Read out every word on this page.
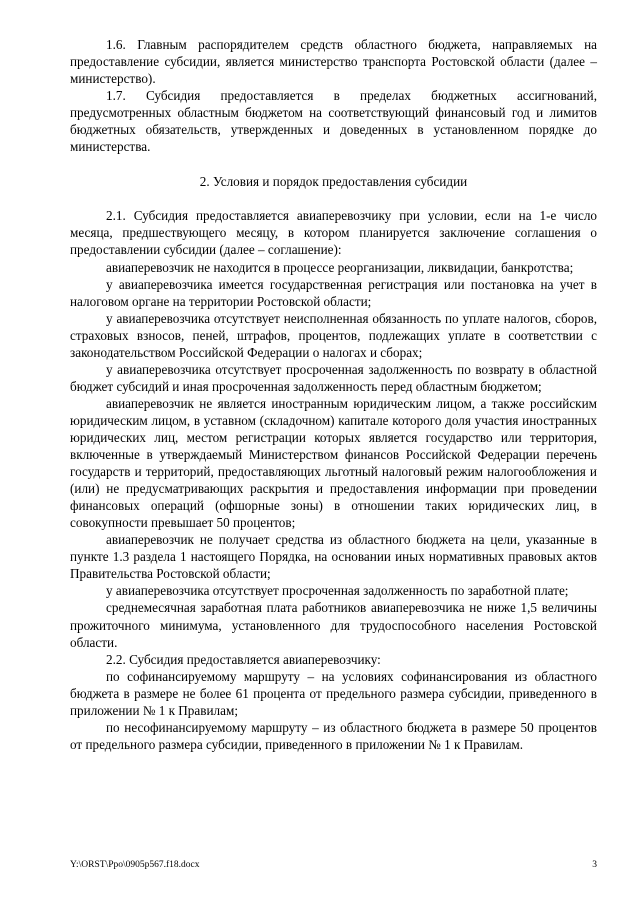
1.6. Главным распорядителем средств областного бюджета, направляемых на предоставление субсидии, является министерство транспорта Ростовской области (далее – министерство).

1.7. Субсидия предоставляется в пределах бюджетных ассигнований, предусмотренных областным бюджетом на соответствующий финансовый год и лимитов бюджетных обязательств, утвержденных и доведенных в установленном порядке до министерства.

2. Условия и порядок предоставления субсидии

2.1. Субсидия предоставляется авиаперевозчику при условии, если на 1-е число месяца, предшествующего месяцу, в котором планируется заключение соглашения о предоставлении субсидии (далее – соглашение):

авиаперевозчик не находится в процессе реорганизации, ликвидации, банкротства;

у авиаперевозчика имеется государственная регистрация или постановка на учет в налоговом органе на территории Ростовской области;

у авиаперевозчика отсутствует неисполненная обязанность по уплате налогов, сборов, страховых взносов, пеней, штрафов, процентов, подлежащих уплате в соответствии с законодательством Российской Федерации о налогах и сборах;

у авиаперевозчика отсутствует просроченная задолженность по возврату в областной бюджет субсидий и иная просроченная задолженность перед областным бюджетом;

авиаперевозчик не является иностранным юридическим лицом, а также российским юридическим лицом, в уставном (складочном) капитале которого доля участия иностранных юридических лиц, местом регистрации которых является государство или территория, включенные в утверждаемый Министерством финансов Российской Федерации перечень государств и территорий, предоставляющих льготный налоговый режим налогообложения и (или) не предусматривающих раскрытия и предоставления информации при проведении финансовых операций (офшорные зоны) в отношении таких юридических лиц, в совокупности превышает 50 процентов;

авиаперевозчик не получает средства из областного бюджета на цели, указанные в пункте 1.3 раздела 1 настоящего Порядка, на основании иных нормативных правовых актов Правительства Ростовской области;

у авиаперевозчика отсутствует просроченная задолженность по заработной плате;

среднемесячная заработная плата работников авиаперевозчика не ниже 1,5 величины прожиточного минимума, установленного для трудоспособного населения Ростовской области.

2.2. Субсидия предоставляется авиаперевозчику:

по софинансируемому маршруту – на условиях софинансирования из областного бюджета в размере не более 61 процента от предельного размера субсидии, приведенного в приложении № 1 к Правилам;

по несофинансируемому маршруту – из областного бюджета в размере 50 процентов от предельного размера субсидии, приведенного в приложении № 1 к Правилам.

Y:\ORST\Ppo\0905p567.f18.docx	3
